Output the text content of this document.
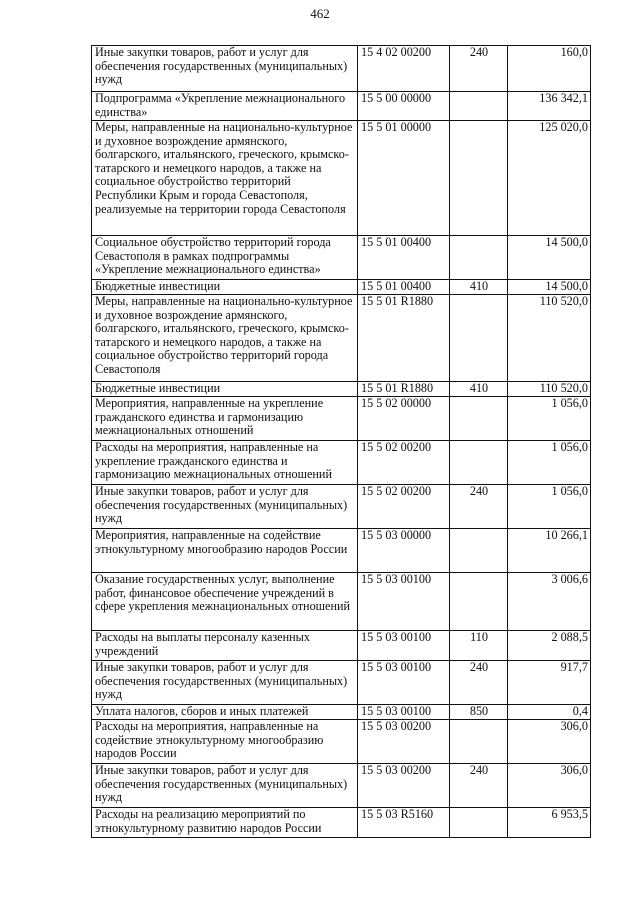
462
Иные закупки товаров, работ и услуг для обеспечения государственных (муниципальных) нужд	15 4 02 00200	240	160,0
Подпрограмма «Укрепление межнационального единства»	15 5 00 00000		136 342,1
Меры, направленные на национально-культурное и духовное возрождение армянского, болгарского, итальянского, греческого, крымско-татарского и немецкого народов, а также на социальное обустройство территорий Республики Крым и города Севастополя, реализуемые на территории города Севастополя	15 5 01 00000		125 020,0
Социальное обустройство территорий города Севастополя в рамках подпрограммы «Укрепление межнационального единства»	15 5 01 00400		14 500,0
Бюджетные инвестиции	15 5 01 00400	410	14 500,0
Меры, направленные на национально-культурное и духовное возрождение армянского, болгарского, итальянского, греческого, крымско-татарского и немецкого народов, а также на социальное обустройство территорий города Севастополя	15 5 01 R1880		110 520,0
Бюджетные инвестиции	15 5 01 R1880	410	110 520,0
Мероприятия, направленные на укрепление гражданского единства и гармонизацию межнациональных отношений	15 5 02 00000		1 056,0
Расходы на мероприятия, направленные на укрепление гражданского единства и гармонизацию межнациональных отношений	15 5 02 00200		1 056,0
Иные закупки товаров, работ и услуг для обеспечения государственных (муниципальных) нужд	15 5 02 00200	240	1 056,0
Мероприятия, направленные на содействие этнокультурному многообразию народов России	15 5 03 00000		10 266,1
Оказание государственных услуг, выполнение работ, финансовое обеспечение учреждений в сфере укрепления межнациональных отношений	15 5 03 00100		3 006,6
Расходы на выплаты персоналу казенных учреждений	15 5 03 00100	110	2 088,5
Иные закупки товаров, работ и услуг для обеспечения государственных (муниципальных) нужд	15 5 03 00100	240	917,7
Уплата налогов, сборов и иных платежей	15 5 03 00100	850	0,4
Расходы на мероприятия, направленные на содействие этнокультурному многообразию народов России	15 5 03 00200		306,0
Иные закупки товаров, работ и услуг для обеспечения государственных (муниципальных) нужд	15 5 03 00200	240	306,0
Расходы на реализацию мероприятий по этнокультурному развитию народов России	15 5 03 R5160		6 953,5
